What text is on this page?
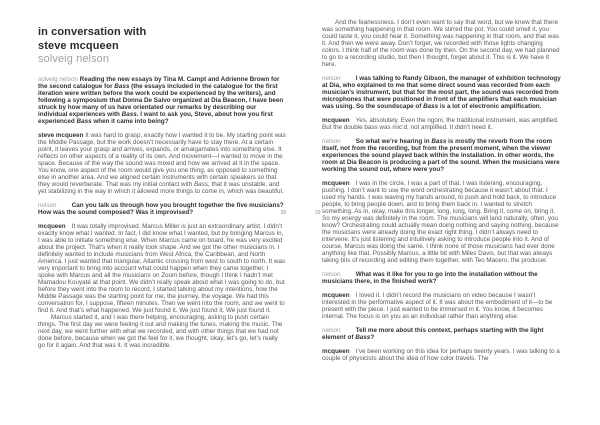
in conversation with
steve mcqueen
solveig nelson

solveig nelson Reading the new essays by Tina M. Campt and Adrienne Brown for the second catalogue for Bass (the essays included in the catalogue for the first iteration were written before the work could be experienced by the writers), and following a symposium that Donna De Salvo organized at Dia Beacon, I have been struck by how many of us have orientated our remarks by describing our individual experiences with Bass. I want to ask you, Steve, about how you first experienced Bass when it came into being?

steve mcqueen It was hard to grasp, exactly how I wanted it to be. My starting point was the Middle Passage, but the work doesn’t necessarily have to stay there. At a certain point, it leaves your grasp and arrives, expands, or amalgamates into something else. It reflects on other aspects of a reality of its own. And movement—I wanted to move in the space. Because of the way the sound was mixed and how we arrived at it in the space. You know, one aspect of the room would give you one thing, as opposed to something else in another area. And we aligned certain instruments with certain speakers so that they would reverberate. That was my initial contact with Bass, that it was unstable, and yet stabilizing in the way in which it allowed more things to come in, which was beautiful.

nelson Can you talk us through how you brought together the five musicians? How was the sound composed? Was it improvised?

mcqueen It was totally improvised. Marcus Miller is just an extraordinary artist. I didn’t exactly know what I wanted. In fact, I did know what I wanted, but by bringing Marcus in, I was able to initiate something else. When Marcus came on board, he was very excited about the project. That’s when it really took shape. And we got the other musicians in. I definitely wanted to include musicians from West Africa, the Caribbean, and North America. I just wanted that triangular, Atlantic crossing from west to south to north. It was very important to bring into account what could happen when they came together. I spoke with Marcus and all the musicians on Zoom before, though I think I hadn’t met Mamadou Kouyaté at that point. We didn’t really speak about what I was going to do, but before they went into the room to record, I started talking about my intentions, how the Middle Passage was the starting point for me, the journey, the voyage. We had this conversation for, I suppose, fifteen minutes. Then we went into the room, and we went to find it. And that’s what happened. We just found it. We just found it. We just found it.

Marcus started it, and I was there helping, encouraging, asking to push certain things. The first day we were feeling it out and making the tunes, making the music. The next day, we went further with what we recorded, and with other things that we had not done before, because when we got the feel for it, we thought, okay, let’s go, let’s really go for it again. And that was it. It was incredible.

And the fearlessness. I don’t even want to say that word, but we knew that there was something happening in that room. We stirred the pot. You could smell it, you could taste it, you could hear it. Something was happening in that room, and that was it. And then we were away. Don’t forget, we recorded with those lights changing colors. I think half of the room was done by then. On the second day, we had planned to go to a recording studio, but then I thought, forget about it. This is it. We have it here.

nelson I was talking to Randy Gibson, the manager of exhibition technology at Dia, who explained to me that some direct sound was recorded from each musician’s instrument, but that for the most part, the sound was recorded from microphones that were positioned in front of the amplifiers that each musician was using. So the soundscape of Bass is a lot of electronic amplification.

mcqueen Yes, absolutely. Even the ngoni, the traditional instrument, was amplified. But the double bass was mic’d, not amplified. It didn’t need it.

nelson So what we’re hearing in Bass is mostly the reverb from the room itself, not from the recording, but from the present moment, when the viewer experiences the sound played back within the installation. In other words, the room at Dia Beacon is producing a part of the sound. When the musicians were working the sound out, where were you?

mcqueen I was in the circle, I was a part of that. I was listening, encouraging, pushing. I don’t want to use the word orchestrating because it wasn’t about that. I used my hands. I was waving my hands around, to push and hold back, to introduce people, to bring people down, and to bring them back in. I wanted to stretch something. As in, okay, make this longer, long, long, long. Bring it, come on, bring it. So my energy was definitely in the room. The musicians will land naturally, often, you know? Orchestrating could actually mean doing nothing and saying nothing, because the musicians were already doing the exact right thing. I didn’t always need to intervene. It’s just listening and intuitively asking to introduce people into it. And of course, Marcus was doing the same. I think none of those musicians had ever done anything like that. Possibly Marcus, a little bit with Miles Davis, but that was always taking bits of recording and editing them together, with Teo Macero, the producer.

nelson What was it like for you to go into the installation without the musicians there, in the finished work?

mcqueen I loved it. I didn’t record the musicians on video because I wasn’t interested in the performative aspect of it. It was about the embodiment of it—to be present with the piece. I just wanted to be immersed in it. You know, it becomes internal. The focus is on you as an individual rather than anything else.

nelson Tell me more about this context, perhaps starting with the light element of Bass?

mcqueen I’ve been working on this idea for perhaps twenty years. I was talking to a couple of physicists about the idea of how color travels. The

28	29
